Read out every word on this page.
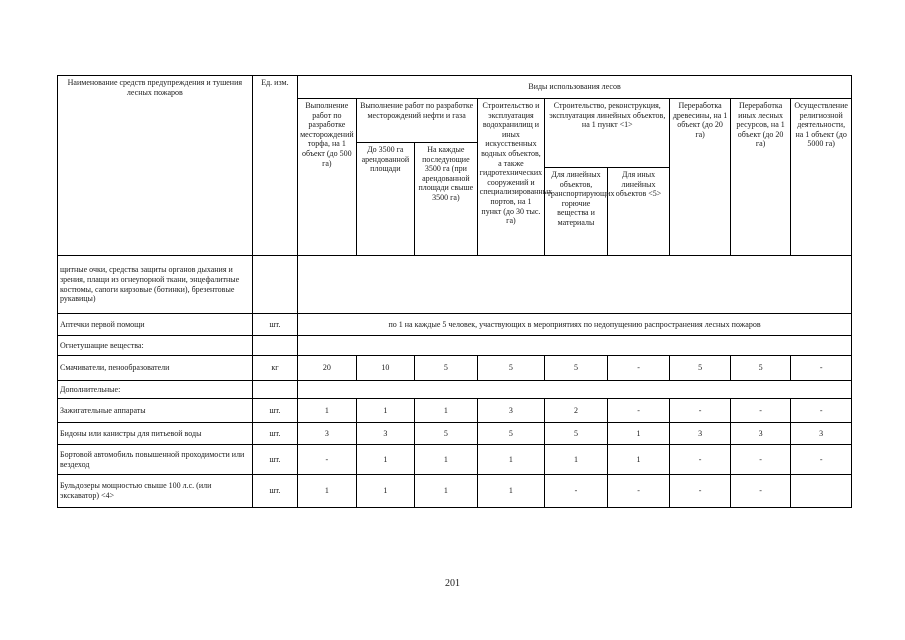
Наименование средств предупреждения и тушения лесных пожаров	Ед. изм.	Виды использования лесов								
		Выполнение работ по разработке месторождений торфа, на 1 объект (до 500 га)	Выполнение работ по разработке месторождений нефти и газа		Строительство и эксплуатация водохранилищ и иных искусственных водных объектов, а также гидротехнических сооружений и специализированных портов, на 1 пункт (до 30 тыс. га)	Строительство, реконструкция, эксплуатация линейных объектов, на 1 пункт <1>		Переработка древесины, на 1 объект (до 20 га)	Переработка иных лесных ресурсов, на 1 объект (до 20 га)	Осуществление религиозной деятельности, на 1 объект (до 5000 га)
			До 3500 га арендованной площади	На каждые последующие 3500 га (при арендованной площади свыше 3500 га)						
						Для линейных объектов, транспортирующих горючие вещества и материалы	Для иных линейных объектов <5>			
щитные очки, средства защиты органов дыхания и зрения, плащи из огнеупорной ткани, энцефалитные костюмы, сапоги кирзовые (ботинки), брезентовые рукавицы)										
Аптечки первой помощи	шт.	по 1 на каждые 5 человек, участвующих в мероприятиях по недопущению распространения лесных пожаров								
Огнетушащие вещества:										
Смачиватели, пенообразователи	кг	20	10	5	5	5	-	5	5	-
Дополнительные:										
Зажигательные аппараты	шт.	1	1	1	3	2	-	-	-	-
Бидоны или канистры для питьевой воды	шт.	3	3	5	5	5	1	3	3	3
Бортовой автомобиль повышенной проходимости или вездеход	шт.	-	1	1	1	1	1	-	-	-
Бульдозеры мощностью свыше 100 л.с. (или экскаватор) <4>	шт.	1	1	1	1	-	-	-	-	
201
